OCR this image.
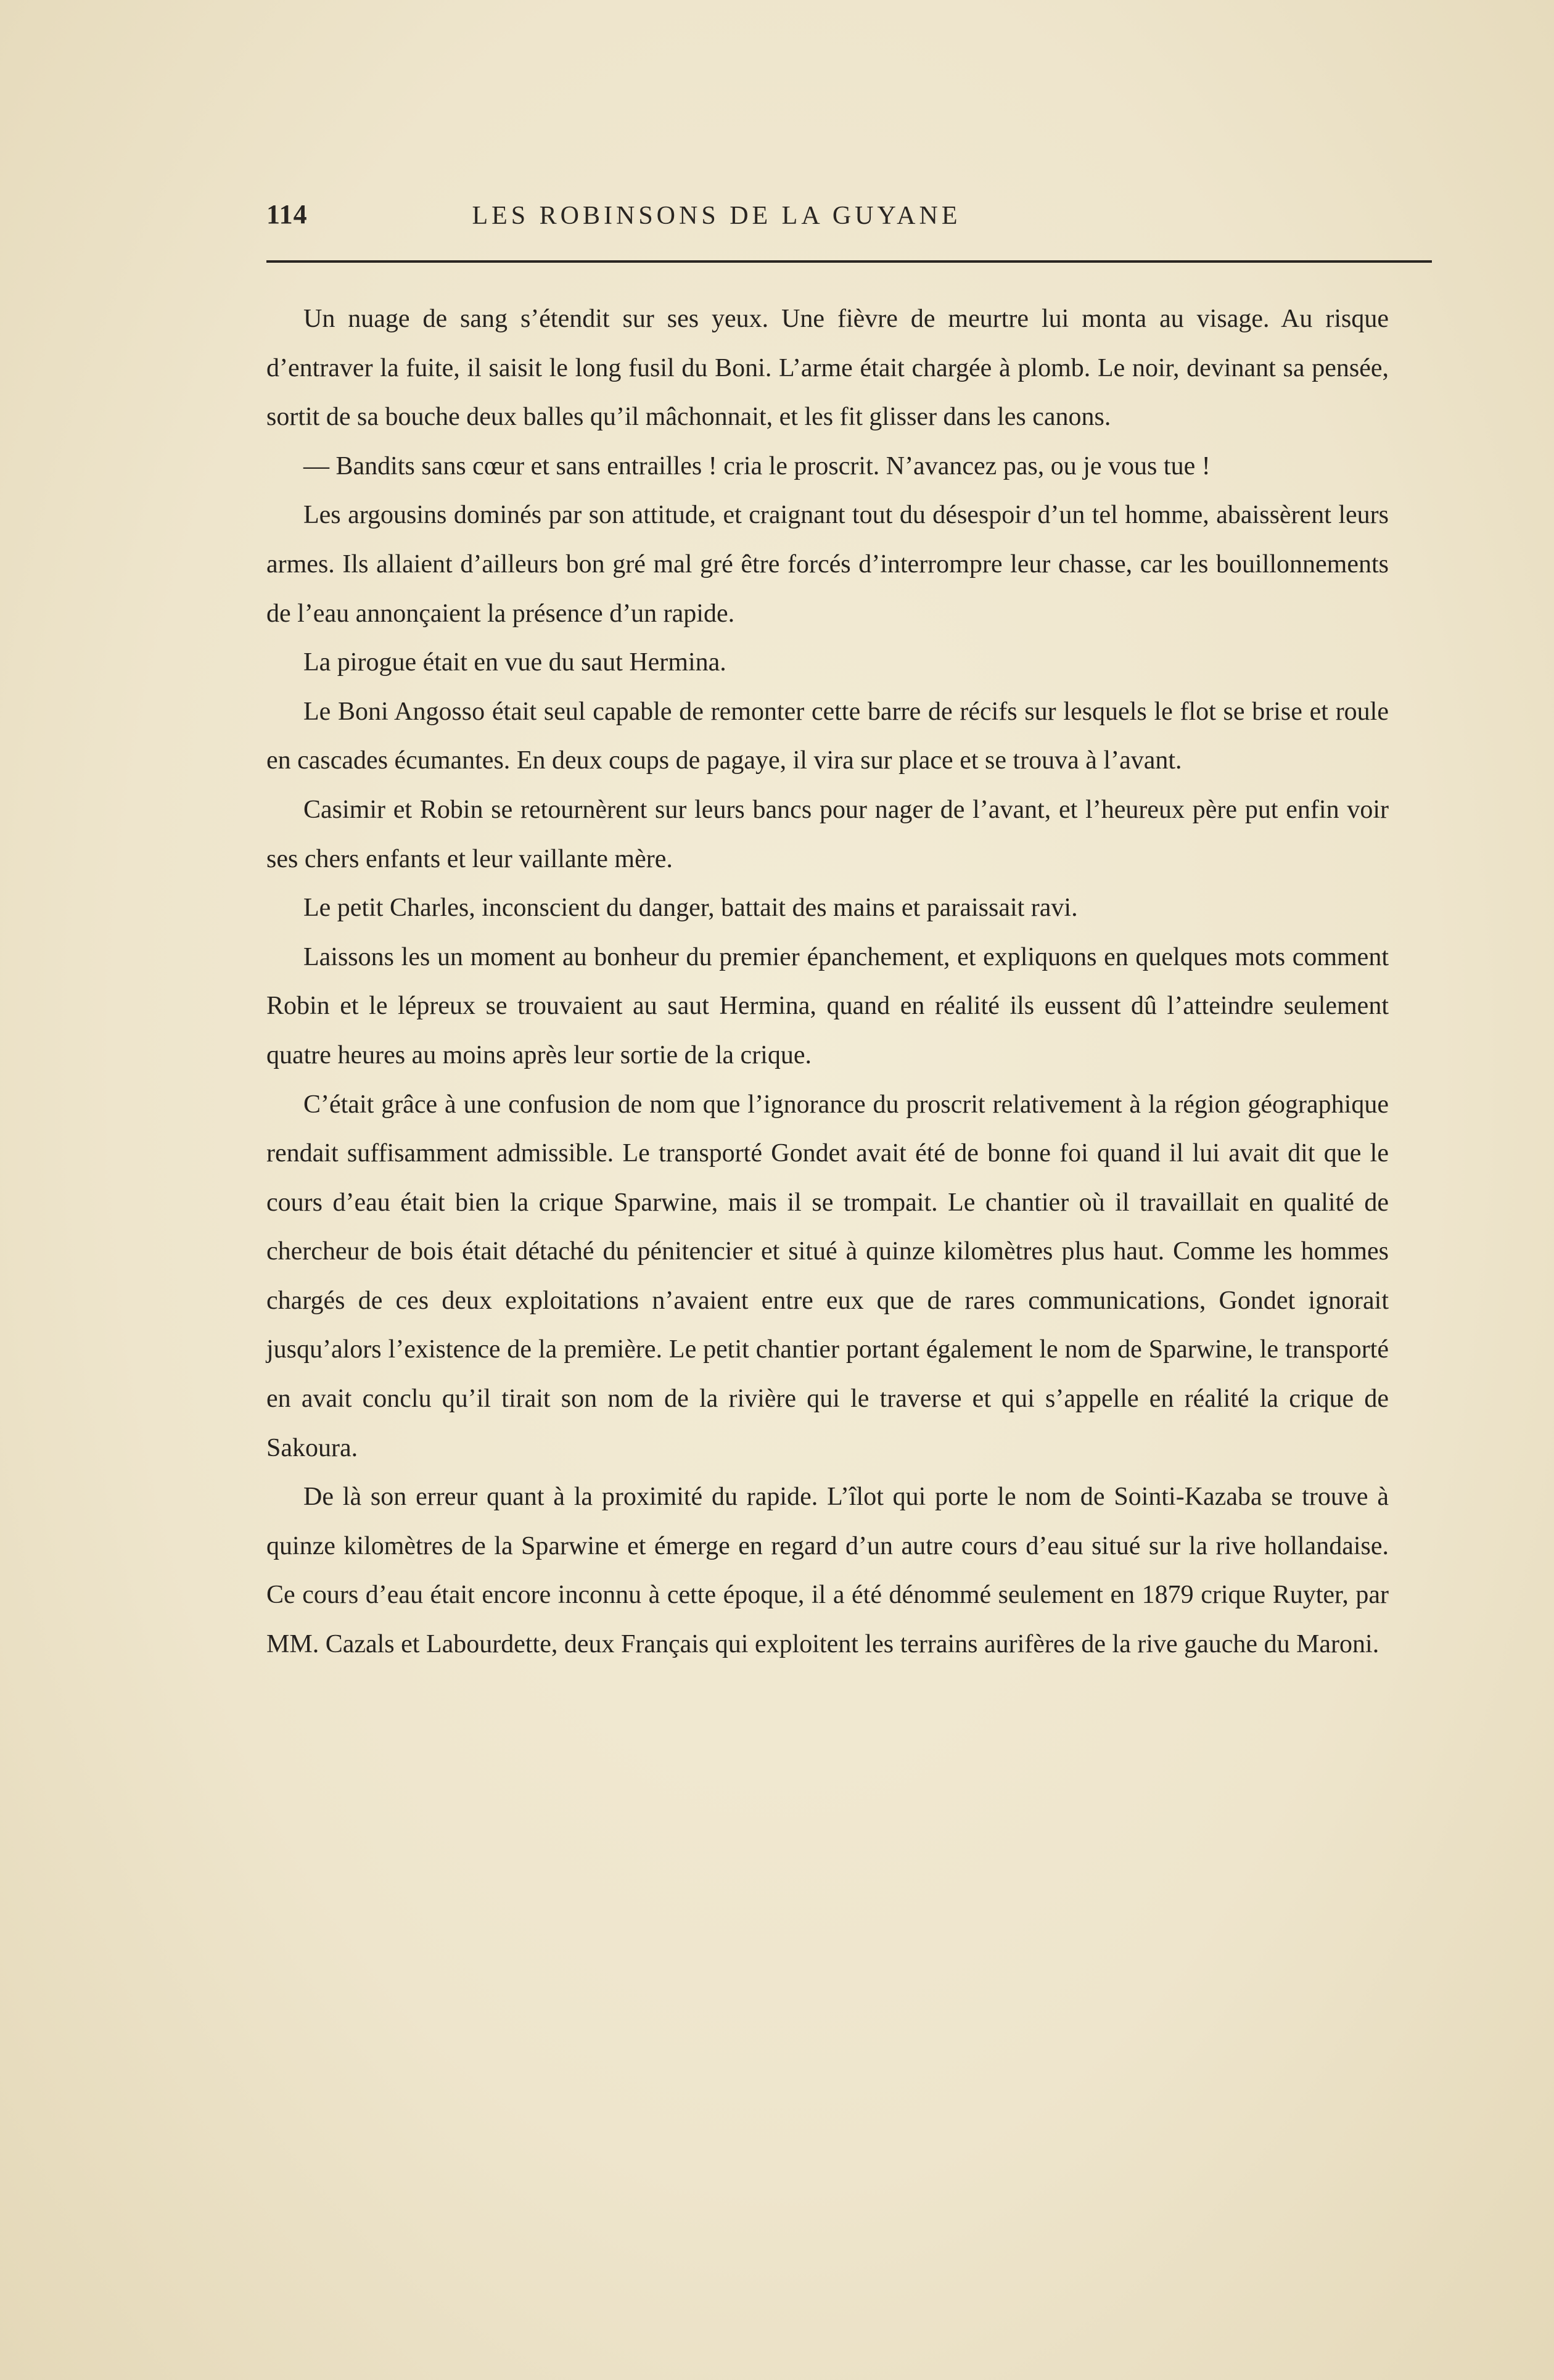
114	LES ROBINSONS DE LA GUYANE

Un nuage de sang s’étendit sur ses yeux. Une fièvre de meurtre lui monta au visage. Au risque d’entraver la fuite, il saisit le long fusil du Boni. L’arme était chargée à plomb. Le noir, devinant sa pensée, sortit de sa bouche deux balles qu’il mâchonnait, et les fit glisser dans les canons.

— Bandits sans cœur et sans entrailles ! cria le proscrit. N’avancez pas, ou je vous tue !

Les argousins dominés par son attitude, et craignant tout du désespoir d’un tel homme, abaissèrent leurs armes. Ils allaient d’ailleurs bon gré mal gré être forcés d’interrompre leur chasse, car les bouillonnements de l’eau annonçaient la présence d’un rapide.

La pirogue était en vue du saut Hermina.

Le Boni Angosso était seul capable de remonter cette barre de récifs sur lesquels le flot se brise et roule en cascades écumantes. En deux coups de pagaye, il vira sur place et se trouva à l’avant.

Casimir et Robin se retournèrent sur leurs bancs pour nager de l’avant, et l’heureux père put enfin voir ses chers enfants et leur vaillante mère.

Le petit Charles, inconscient du danger, battait des mains et paraissait ravi.

Laissons les un moment au bonheur du premier épanchement, et expliquons en quelques mots comment Robin et le lépreux se trouvaient au saut Hermina, quand en réalité ils eussent dû l’atteindre seulement quatre heures au moins après leur sortie de la crique.

C’était grâce à une confusion de nom que l’ignorance du proscrit relativement à la région géographique rendait suffisamment admissible. Le transporté Gondet avait été de bonne foi quand il lui avait dit que le cours d’eau était bien la crique Sparwine, mais il se trompait. Le chantier où il travaillait en qualité de chercheur de bois était détaché du pénitencier et situé à quinze kilomètres plus haut. Comme les hommes chargés de ces deux exploitations n’avaient entre eux que de rares communications, Gondet ignorait jusqu’alors l’existence de la première. Le petit chantier portant également le nom de Sparwine, le transporté en avait conclu qu’il tirait son nom de la rivière qui le traverse et qui s’appelle en réalité la crique de Sakoura.

De là son erreur quant à la proximité du rapide. L’îlot qui porte le nom de Sointi-Kazaba se trouve à quinze kilomètres de la Sparwine et émerge en regard d’un autre cours d’eau situé sur la rive hollandaise. Ce cours d’eau était encore inconnu à cette époque, il a été dénommé seulement en 1879 crique Ruyter, par MM. Cazals et Labourdette, deux Français qui exploitent les terrains aurifères de la rive gauche du Maroni.
